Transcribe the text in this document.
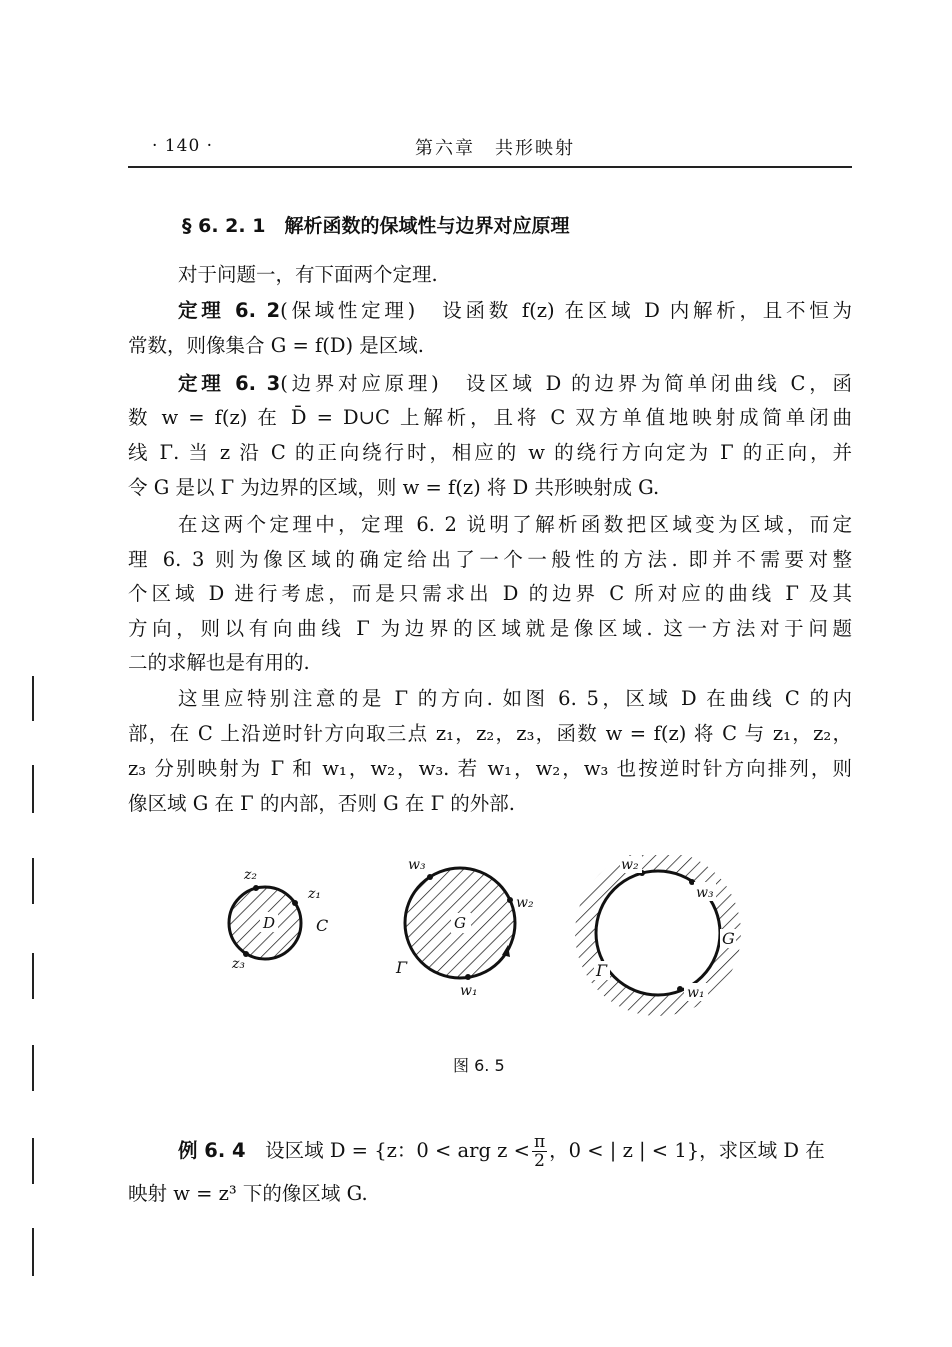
· 140 ·	第六章　共形映射
§ 6. 2. 1　解析函数的保域性与边界对应原理
对于问题一，有下面两个定理.
定理 6. 2(保域性定理)　设函数 f(z) 在区域 D 内解析，且不恒为
常数，则像集合 G = f(D) 是区域.
定理 6. 3(边界对应原理)　设区域 D 的边界为简单闭曲线 C，函
数 w = f(z) 在 D̄ = D∪C 上解析，且将 C 双方单值地映射成简单闭曲
线 Γ. 当 z 沿 C 的正向绕行时，相应的 w 的绕行方向定为 Γ 的正向，并
令 G 是以 Γ 为边界的区域，则 w = f(z) 将 D 共形映射成 G.
在这两个定理中，定理 6. 2 说明了解析函数把区域变为区域，而定
理 6. 3 则为像区域的确定给出了一个一般性的方法. 即并不需要对整
个区域 D 进行考虑，而是只需求出 D 的边界 C 所对应的曲线 Γ 及其
方向，则以有向曲线 Γ 为边界的区域就是像区域. 这一方法对于问题
二的求解也是有用的.
这里应特别注意的是 Γ 的方向. 如图 6. 5，区域 D 在曲线 C 的内
部，在 C 上沿逆时针方向取三点 z₁，z₂，z₃，函数 w = f(z) 将 C 与 z₁，z₂，
z₃ 分别映射为 Γ 和 w₁，w₂，w₃. 若 w₁，w₂，w₃ 也按逆时针方向排列，则
像区域 G 在 Γ 的内部，否则 G 在 Γ 的外部.
z₂
z₁
z₃
D	C
w₃
w₂
w₁
G
Γ
w₂
w₃
w₁
G
Γ
图 6. 5
例 6. 4　设区域 D = {z：0 < arg $z < \frac{\pi}{2}$ ，0 < | z | < 1}，求区域 D 在
映射 w = z³ 下的像区域 G.
